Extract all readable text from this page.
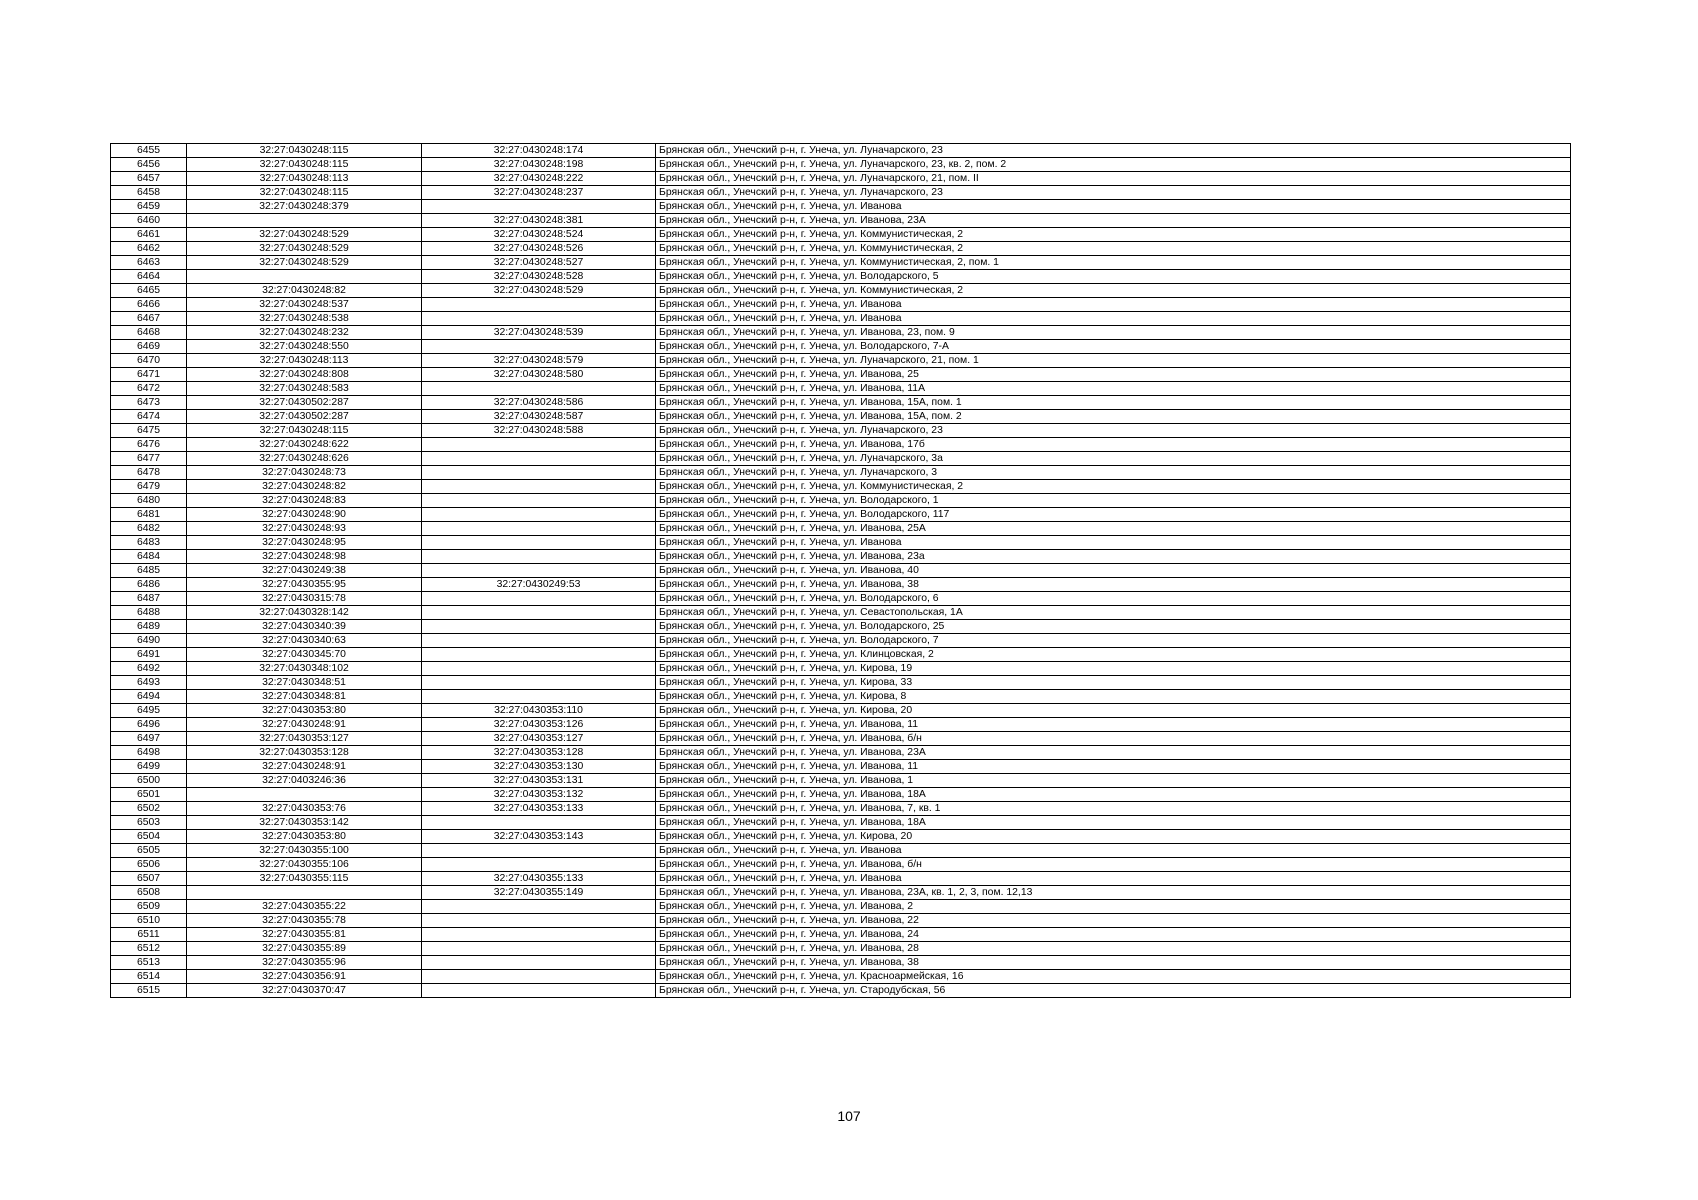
6455	32:27:0430248:115	32:27:0430248:174	Брянская обл., Унечский р-н, г. Унеча, ул. Луначарского, 23
6456	32:27:0430248:115	32:27:0430248:198	Брянская обл., Унечский р-н, г. Унеча, ул. Луначарского, 23, кв. 2, пом. 2
6457	32:27:0430248:113	32:27:0430248:222	Брянская обл., Унечский р-н, г. Унеча, ул. Луначарского, 21, пом. II
6458	32:27:0430248:115	32:27:0430248:237	Брянская обл., Унечский р-н, г. Унеча, ул. Луначарского, 23
6459	32:27:0430248:379		Брянская обл., Унечский р-н, г. Унеча, ул. Иванова
6460		32:27:0430248:381	Брянская обл., Унечский р-н, г. Унеча, ул. Иванова, 23А
6461	32:27:0430248:529	32:27:0430248:524	Брянская обл., Унечский р-н, г. Унеча, ул. Коммунистическая, 2
6462	32:27:0430248:529	32:27:0430248:526	Брянская обл., Унечский р-н, г. Унеча, ул. Коммунистическая, 2
6463	32:27:0430248:529	32:27:0430248:527	Брянская обл., Унечский р-н, г. Унеча, ул. Коммунистическая, 2, пом. 1
6464		32:27:0430248:528	Брянская обл., Унечский р-н, г. Унеча, ул. Володарского, 5
6465	32:27:0430248:82	32:27:0430248:529	Брянская обл., Унечский р-н, г. Унеча, ул. Коммунистическая, 2
6466	32:27:0430248:537		Брянская обл., Унечский р-н, г. Унеча, ул. Иванова
6467	32:27:0430248:538		Брянская обл., Унечский р-н, г. Унеча, ул. Иванова
6468	32:27:0430248:232	32:27:0430248:539	Брянская обл., Унечский р-н, г. Унеча, ул. Иванова, 23, пом. 9
6469	32:27:0430248:550		Брянская обл., Унечский р-н, г. Унеча, ул. Володарского, 7-А
6470	32:27:0430248:113	32:27:0430248:579	Брянская обл., Унечский р-н, г. Унеча, ул. Луначарского, 21, пом. 1
6471	32:27:0430248:808	32:27:0430248:580	Брянская обл., Унечский р-н, г. Унеча, ул. Иванова, 25
6472	32:27:0430248:583		Брянская обл., Унечский р-н, г. Унеча, ул. Иванова, 11А
6473	32:27:0430502:287	32:27:0430248:586	Брянская обл., Унечский р-н, г. Унеча, ул. Иванова, 15А, пом. 1
6474	32:27:0430502:287	32:27:0430248:587	Брянская обл., Унечский р-н, г. Унеча, ул. Иванова, 15А, пом. 2
6475	32:27:0430248:115	32:27:0430248:588	Брянская обл., Унечский р-н, г. Унеча, ул. Луначарского, 23
6476	32:27:0430248:622		Брянская обл., Унечский р-н, г. Унеча, ул. Иванова, 17б
6477	32:27:0430248:626		Брянская обл., Унечский р-н, г. Унеча, ул. Луначарского, 3а
6478	32:27:0430248:73		Брянская обл., Унечский р-н, г. Унеча, ул. Луначарского, 3
6479	32:27:0430248:82		Брянская обл., Унечский р-н, г. Унеча, ул. Коммунистическая, 2
6480	32:27:0430248:83		Брянская обл., Унечский р-н, г. Унеча, ул. Володарского, 1
6481	32:27:0430248:90		Брянская обл., Унечский р-н, г. Унеча, ул. Володарского, 117
6482	32:27:0430248:93		Брянская обл., Унечский р-н, г. Унеча, ул. Иванова, 25А
6483	32:27:0430248:95		Брянская обл., Унечский р-н, г. Унеча, ул. Иванова
6484	32:27:0430248:98		Брянская обл., Унечский р-н, г. Унеча, ул. Иванова, 23а
6485	32:27:0430249:38		Брянская обл., Унечский р-н, г. Унеча, ул. Иванова, 40
6486	32:27:0430355:95	32:27:0430249:53	Брянская обл., Унечский р-н, г. Унеча, ул. Иванова, 38
6487	32:27:0430315:78		Брянская обл., Унечский р-н, г. Унеча, ул. Володарского, 6
6488	32:27:0430328:142		Брянская обл., Унечский р-н, г. Унеча, ул. Севастопольская, 1А
6489	32:27:0430340:39		Брянская обл., Унечский р-н, г. Унеча, ул. Володарского, 25
6490	32:27:0430340:63		Брянская обл., Унечский р-н, г. Унеча, ул. Володарского, 7
6491	32:27:0430345:70		Брянская обл., Унечский р-н, г. Унеча, ул. Клинцовская, 2
6492	32:27:0430348:102		Брянская обл., Унечский р-н, г. Унеча, ул. Кирова, 19
6493	32:27:0430348:51		Брянская обл., Унечский р-н, г. Унеча, ул. Кирова, 33
6494	32:27:0430348:81		Брянская обл., Унечский р-н, г. Унеча, ул. Кирова, 8
6495	32:27:0430353:80	32:27:0430353:110	Брянская обл., Унечский р-н, г. Унеча, ул. Кирова, 20
6496	32:27:0430248:91	32:27:0430353:126	Брянская обл., Унечский р-н, г. Унеча, ул. Иванова, 11
6497	32:27:0430353:127	32:27:0430353:127	Брянская обл., Унечский р-н, г. Унеча, ул. Иванова, б/н
6498	32:27:0430353:128	32:27:0430353:128	Брянская обл., Унечский р-н, г. Унеча, ул. Иванова, 23А
6499	32:27:0430248:91	32:27:0430353:130	Брянская обл., Унечский р-н, г. Унеча, ул. Иванова, 11
6500	32:27:0403246:36	32:27:0430353:131	Брянская обл., Унечский р-н, г. Унеча, ул. Иванова, 1
6501		32:27:0430353:132	Брянская обл., Унечский р-н, г. Унеча, ул. Иванова, 18А
6502	32:27:0430353:76	32:27:0430353:133	Брянская обл., Унечский р-н, г. Унеча, ул. Иванова, 7, кв. 1
6503	32:27:0430353:142		Брянская обл., Унечский р-н, г. Унеча, ул. Иванова, 18А
6504	32:27:0430353:80	32:27:0430353:143	Брянская обл., Унечский р-н, г. Унеча, ул. Кирова, 20
6505	32:27:0430355:100		Брянская обл., Унечский р-н, г. Унеча, ул. Иванова
6506	32:27:0430355:106		Брянская обл., Унечский р-н, г. Унеча, ул. Иванова, б/н
6507	32:27:0430355:115	32:27:0430355:133	Брянская обл., Унечский р-н, г. Унеча, ул. Иванова
6508		32:27:0430355:149	Брянская обл., Унечский р-н, г. Унеча, ул. Иванова, 23А, кв. 1, 2, 3, пом. 12,13
6509	32:27:0430355:22		Брянская обл., Унечский р-н, г. Унеча, ул. Иванова, 2
6510	32:27:0430355:78		Брянская обл., Унечский р-н, г. Унеча, ул. Иванова, 22
6511	32:27:0430355:81		Брянская обл., Унечский р-н, г. Унеча, ул. Иванова, 24
6512	32:27:0430355:89		Брянская обл., Унечский р-н, г. Унеча, ул. Иванова, 28
6513	32:27:0430355:96		Брянская обл., Унечский р-н, г. Унеча, ул. Иванова, 38
6514	32:27:0430356:91		Брянская обл., Унечский р-н, г. Унеча, ул. Красноармейская, 16
6515	32:27:0430370:47		Брянская обл., Унечский р-н, г. Унеча, ул. Стародубская, 56
107
